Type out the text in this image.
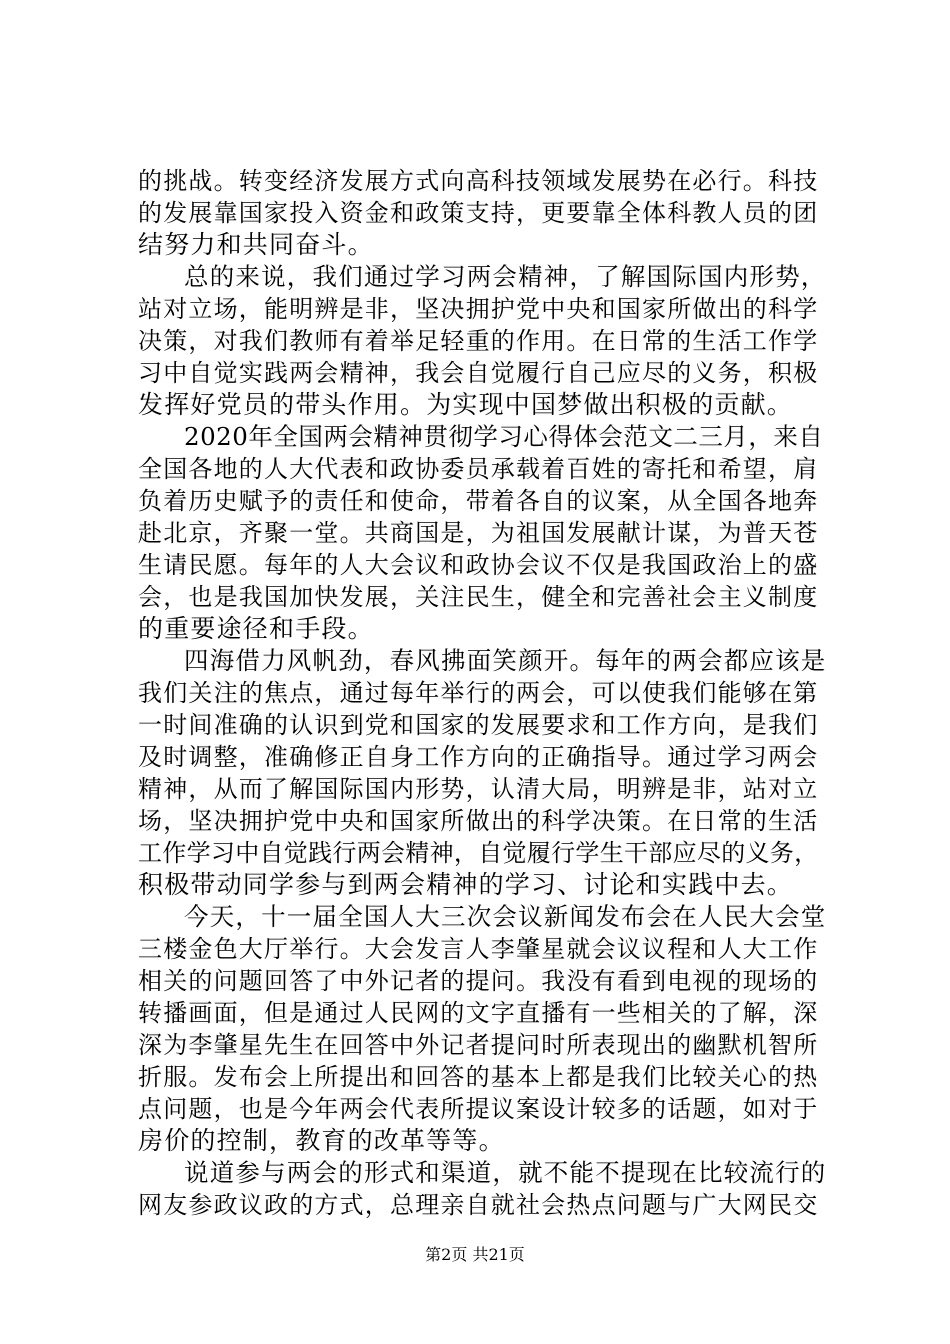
的挑战。转变经济发展方式向高科技领域发展势在必行。科技
的发展靠国家投入资金和政策支持，更要靠全体科教人员的团
结努力和共同奋斗。
总的来说，我们通过学习两会精神，了解国际国内形势，
站对立场，能明辨是非，坚决拥护党中央和国家所做出的科学
决策，对我们教师有着举足轻重的作用。在日常的生活工作学
习中自觉实践两会精神，我会自觉履行自己应尽的义务，积极
发挥好党员的带头作用。为实现中国梦做出积极的贡献。
2020年全国两会精神贯彻学习心得体会范文二三月，来自
全国各地的人大代表和政协委员承载着百姓的寄托和希望，肩
负着历史赋予的责任和使命，带着各自的议案，从全国各地奔
赴北京，齐聚一堂。共商国是，为祖国发展献计谋，为普天苍
生请民愿。每年的人大会议和政协会议不仅是我国政治上的盛
会，也是我国加快发展，关注民生，健全和完善社会主义制度
的重要途径和手段。
四海借力风帆劲，春风拂面笑颜开。每年的两会都应该是
我们关注的焦点，通过每年举行的两会，可以使我们能够在第
一时间准确的认识到党和国家的发展要求和工作方向，是我们
及时调整，准确修正自身工作方向的正确指导。通过学习两会
精神，从而了解国际国内形势，认清大局，明辨是非，站对立
场，坚决拥护党中央和国家所做出的科学决策。在日常的生活
工作学习中自觉践行两会精神，自觉履行学生干部应尽的义务，
积极带动同学参与到两会精神的学习、讨论和实践中去。
今天，十一届全国人大三次会议新闻发布会在人民大会堂
三楼金色大厅举行。大会发言人李肇星就会议议程和人大工作
相关的问题回答了中外记者的提问。我没有看到电视的现场的
转播画面，但是通过人民网的文字直播有一些相关的了解，深
深为李肇星先生在回答中外记者提问时所表现出的幽默机智所
折服。发布会上所提出和回答的基本上都是我们比较关心的热
点问题，也是今年两会代表所提议案设计较多的话题，如对于
房价的控制，教育的改革等等。
说道参与两会的形式和渠道，就不能不提现在比较流行的
网友参政议政的方式，总理亲自就社会热点问题与广大网民交
第2页 共21页
